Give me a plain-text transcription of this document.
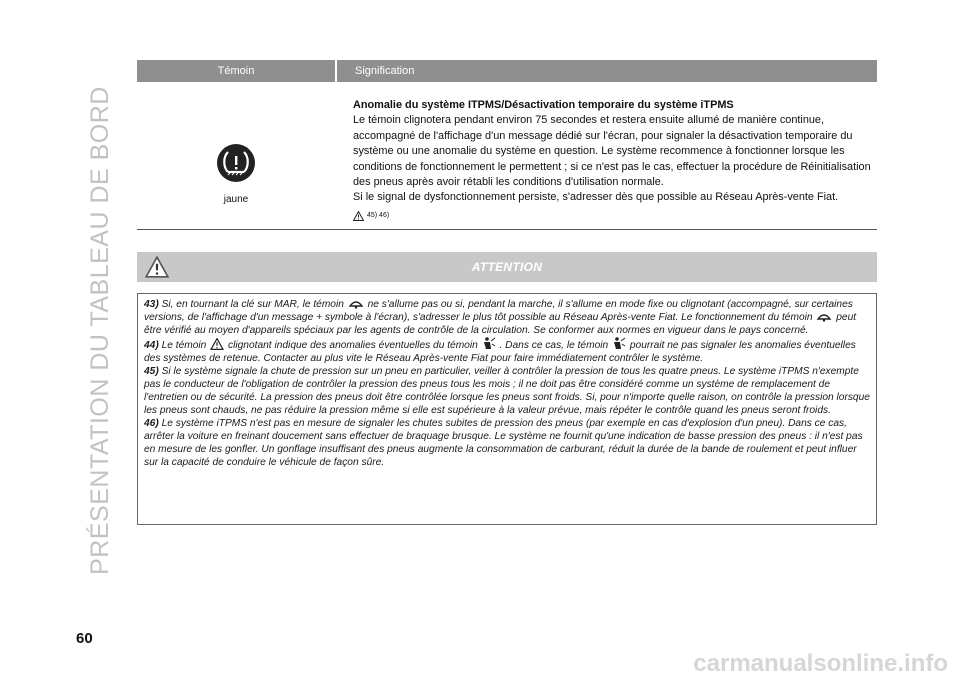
PRÉSENTATION DU TABLEAU DE BORD
Témoin	Signification
jaune
Anomalie du système ITPMS/Désactivation temporaire du système iTPMS
Le témoin clignotera pendant environ 75 secondes et restera ensuite allumé de manière continue, accompagné de l'affichage d'un message dédié sur l'écran, pour signaler la désactivation temporaire du système ou une anomalie du système en question. Le système recommence à fonctionner lorsque les conditions de fonctionnement le permettent ; si ce n'est pas le cas, effectuer la procédure de Réinitialisation des pneus après avoir rétabli les conditions d'utilisation normale.
Si le signal de dysfonctionnement persiste, s'adresser dès que possible au Réseau Après-vente Fiat.
45) 46)
ATTENTION

43) Si, en tournant la clé sur MAR, le témoin ne s'allume pas ou si, pendant la marche, il s'allume en mode fixe ou clignotant (accompagné, sur certaines versions, de l'affichage d'un message + symbole à l'écran), s'adresser le plus tôt possible au Réseau Après-vente Fiat. Le fonctionnement du témoin peut être vérifié au moyen d'appareils spéciaux par les agents de contrôle de la circulation. Se conformer aux normes en vigueur dans le pays concerné.

44) Le témoin clignotant indique des anomalies éventuelles du témoin . Dans ce cas, le témoin pourrait ne pas signaler les anomalies éventuelles des systèmes de retenue. Contacter au plus vite le Réseau Après-vente Fiat pour faire immédiatement contrôler le système.

45) Si le système signale la chute de pression sur un pneu en particulier, veiller à contrôler la pression de tous les quatre pneus. Le système iTPMS n'exempte pas le conducteur de l'obligation de contrôler la pression des pneus tous les mois ; il ne doit pas être considéré comme un système de remplacement de l'entretien ou de sécurité. La pression des pneus doit être contrôlée lorsque les pneus sont froids. Si, pour n'importe quelle raison, on contrôle la pression lorsque les pneus sont chauds, ne pas réduire la pression même si elle est supérieure à la valeur prévue, mais répéter le contrôle quand les pneus seront froids.

46) Le système iTPMS n'est pas en mesure de signaler les chutes subites de pression des pneus (par exemple en cas d'explosion d'un pneu). Dans ce cas, arrêter la voiture en freinant doucement sans effectuer de braquage brusque. Le système ne fournit qu'une indication de basse pression des pneus : il n'est pas en mesure de les gonfler. Un gonflage insuffisant des pneus augmente la consommation de carburant, réduit la durée de la bande de roulement et peut influer sur la capacité de conduire le véhicule de façon sûre.

60
carmanualsonline.info
